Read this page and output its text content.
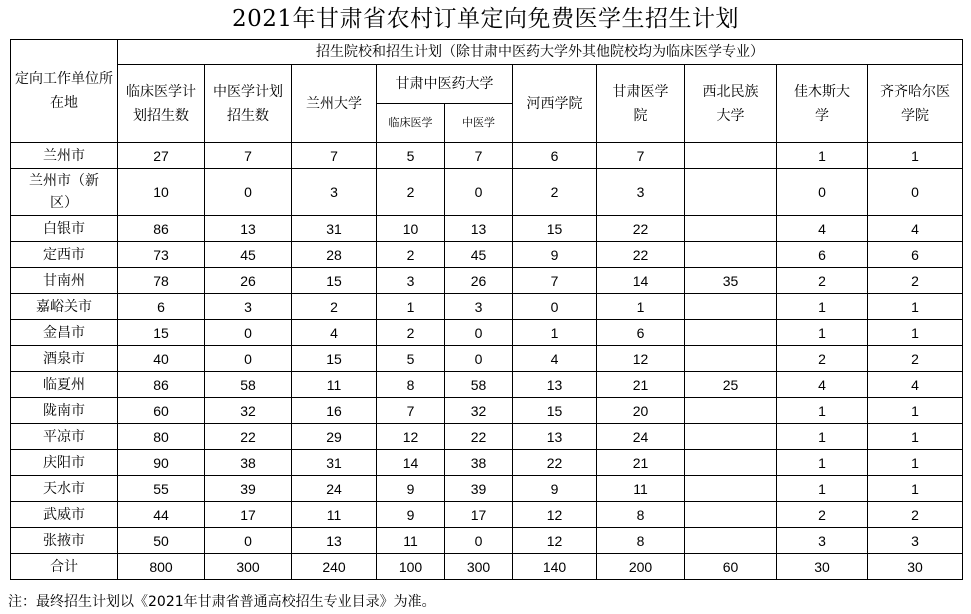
2021年甘肃省农村订单定向免费医学生招生计划
定向工作单位所在地	招生院校和招生计划（除甘肃中医药大学外其他院校均为临床医学专业）									
	临床医学计划招生数	中医学计划招生数	兰州大学	甘肃中医药大学		河西学院	甘肃医学院	西北民族大学	佳木斯大学	齐齐哈尔医学院
				临床医学	中医学					
兰州市	27	7	7	5	7	6	7		1	1
兰州市（新区）	10	0	3	2	0	2	3		0	0
白银市	86	13	31	10	13	15	22		4	4
定西市	73	45	28	2	45	9	22		6	6
甘南州	78	26	15	3	26	7	14	35	2	2
嘉峪关市	6	3	2	1	3	0	1		1	1
金昌市	15	0	4	2	0	1	6		1	1
酒泉市	40	0	15	5	0	4	12		2	2
临夏州	86	58	11	8	58	13	21	25	4	4
陇南市	60	32	16	7	32	15	20		1	1
平凉市	80	22	29	12	22	13	24		1	1
庆阳市	90	38	31	14	38	22	21		1	1
天水市	55	39	24	9	39	9	11		1	1
武威市	44	17	11	9	17	12	8		2	2
张掖市	50	0	13	11	0	12	8		3	3
合计	800	300	240	100	300	140	200	60	30	30
注：最终招生计划以《2021年甘肃省普通高校招生专业目录》为准。
